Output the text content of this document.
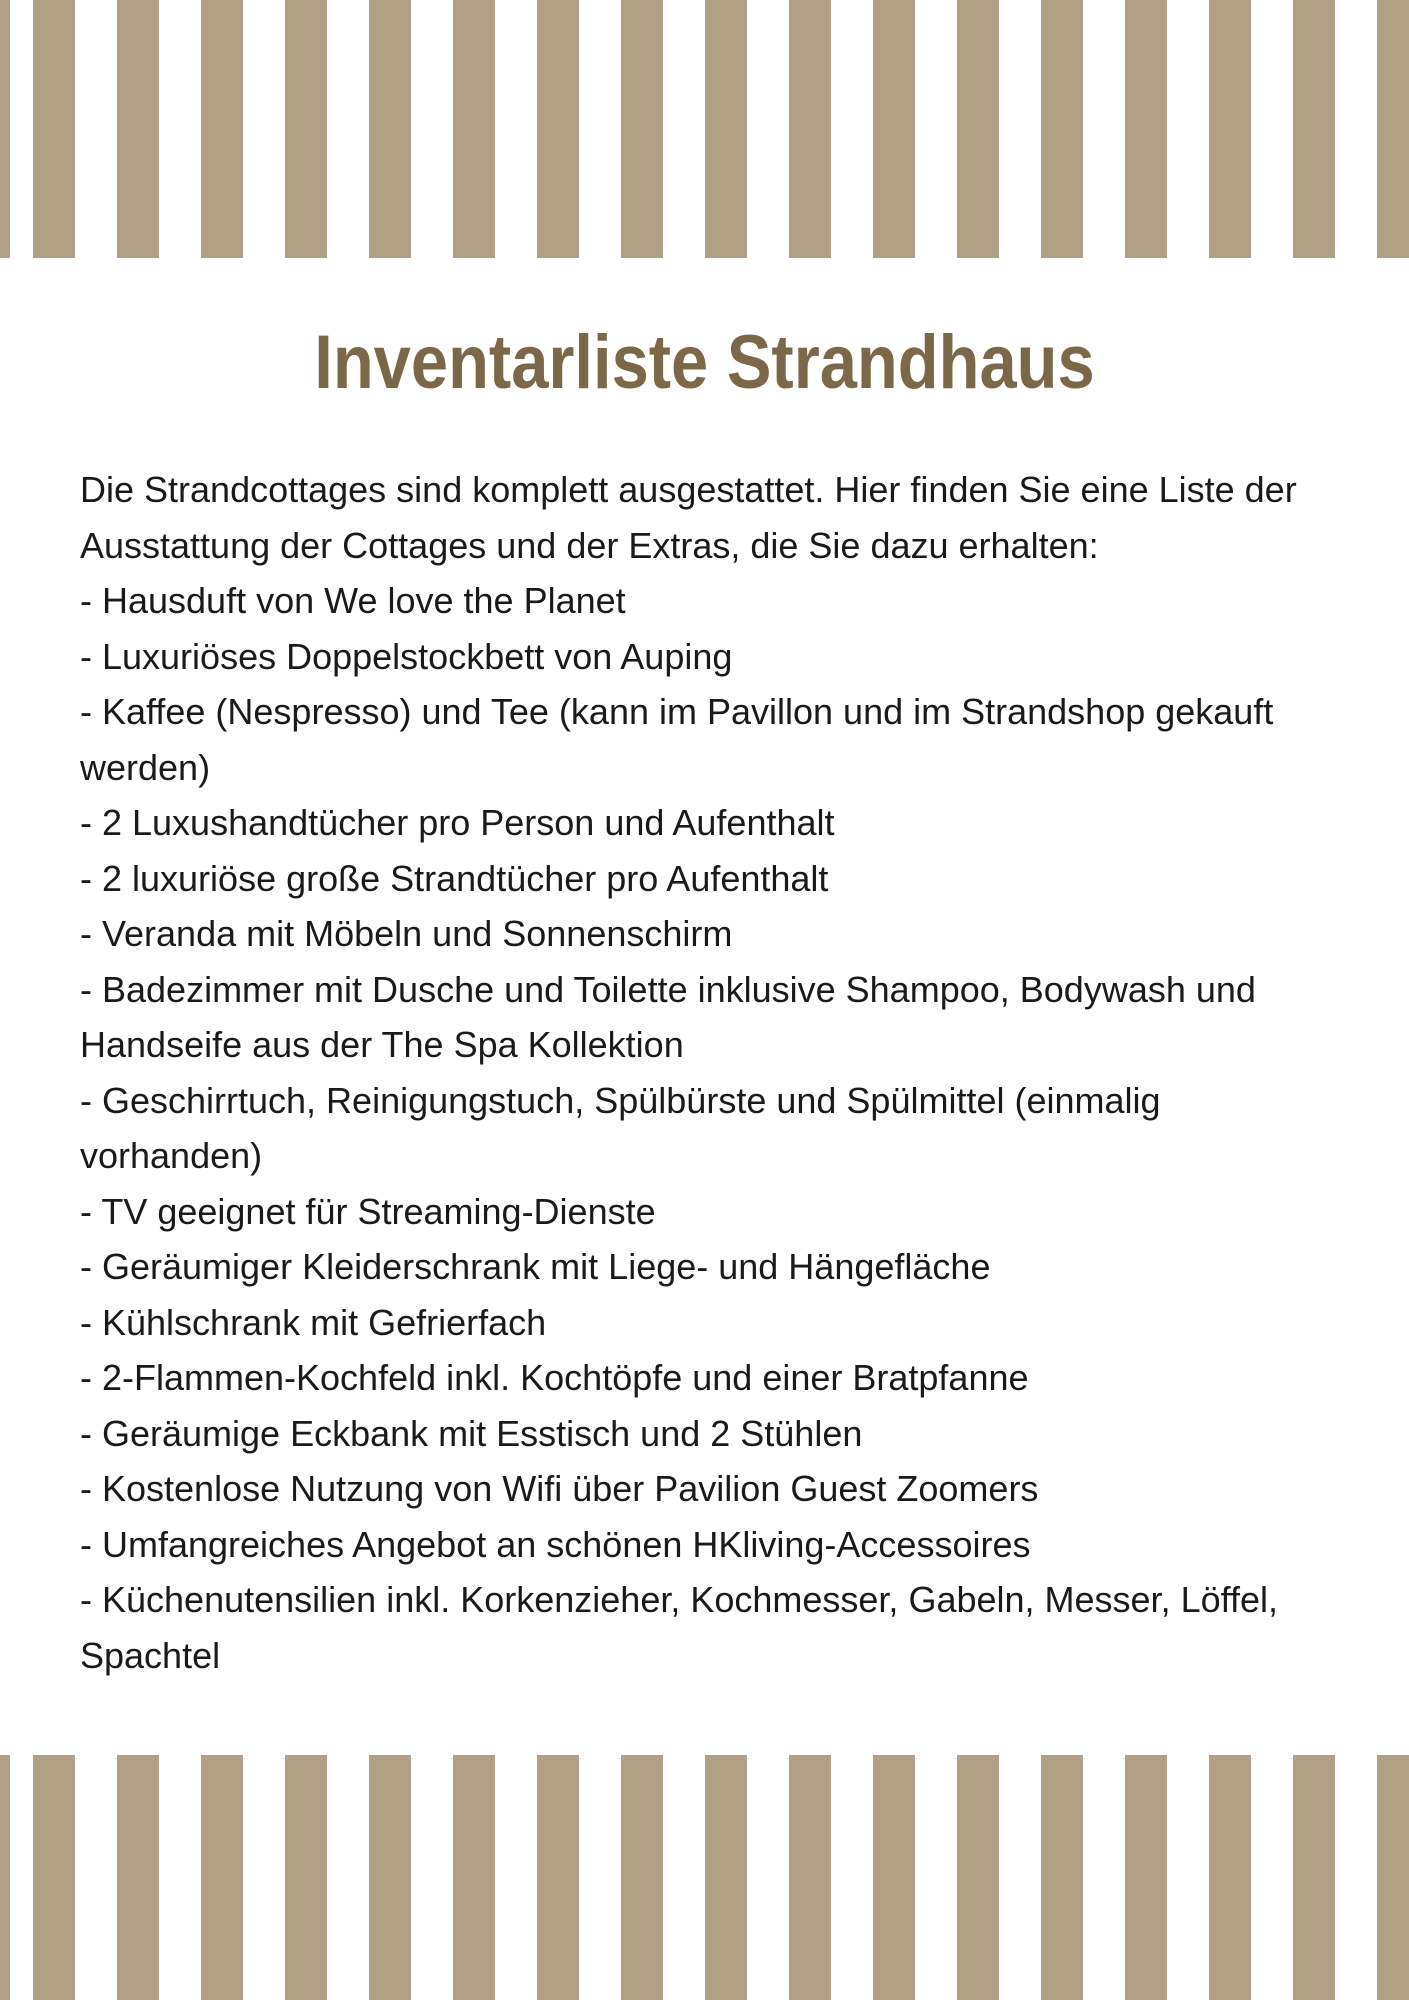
Inventarliste Strandhaus

Die Strandcottages sind komplett ausgestattet. Hier finden Sie eine Liste der Ausstattung der Cottages und der Extras, die Sie dazu erhalten:

- Hausduft von We love the Planet

- Luxuriöses Doppelstockbett von Auping

- Kaffee (Nespresso) und Tee (kann im Pavillon und im Strandshop gekauft werden)

- 2 Luxushandtücher pro Person und Aufenthalt

- 2 luxuriöse große Strandtücher pro Aufenthalt

- Veranda mit Möbeln und Sonnenschirm

- Badezimmer mit Dusche und Toilette inklusive Shampoo, Bodywash und Handseife aus der The Spa Kollektion

- Geschirrtuch, Reinigungstuch, Spülbürste und Spülmittel (einmalig vorhanden)

- TV geeignet für Streaming-Dienste

- Geräumiger Kleiderschrank mit Liege- und Hängefläche

- Kühlschrank mit Gefrierfach

- 2-Flammen-Kochfeld inkl. Kochtöpfe und einer Bratpfanne

- Geräumige Eckbank mit Esstisch und 2 Stühlen

- Kostenlose Nutzung von Wifi über Pavilion Guest Zoomers

- Umfangreiches Angebot an schönen HKliving-Accessoires

- Küchenutensilien inkl. Korkenzieher, Kochmesser, Gabeln, Messer, Löffel, Spachtel
